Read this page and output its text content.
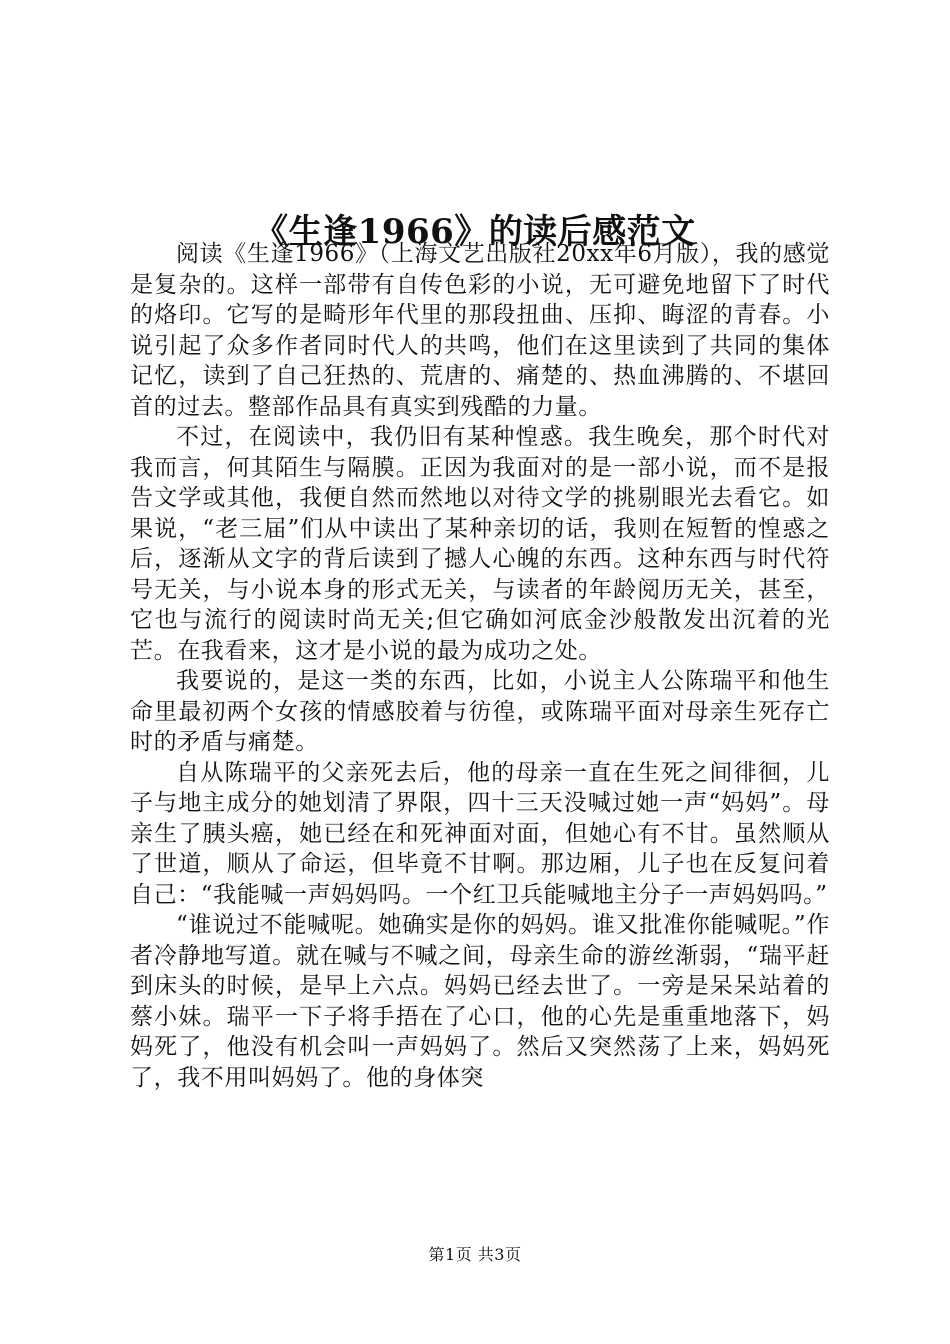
《生逢1966》的读后感范文

阅读《生逢1966》（上海文艺出版社20xx年6月版），我的感觉是复杂的。这样一部带有自传色彩的小说，无可避免地留下了时代的烙印。它写的是畸形年代里的那段扭曲、压抑、晦涩的青春。小说引起了众多作者同时代人的共鸣，他们在这里读到了共同的集体记忆，读到了自己狂热的、荒唐的、痛楚的、热血沸腾的、不堪回首的过去。整部作品具有真实到残酷的力量。

不过，在阅读中，我仍旧有某种惶惑。我生晚矣，那个时代对我而言，何其陌生与隔膜。正因为我面对的是一部小说，而不是报告文学或其他，我便自然而然地以对待文学的挑剔眼光去看它。如果说，“老三届”们从中读出了某种亲切的话，我则在短暂的惶惑之后，逐渐从文字的背后读到了撼人心魄的东西。这种东西与时代符号无关，与小说本身的形式无关，与读者的年龄阅历无关，甚至，它也与流行的阅读时尚无关;但它确如河底金沙般散发出沉着的光芒。在我看来，这才是小说的最为成功之处。

我要说的，是这一类的东西，比如，小说主人公陈瑞平和他生命里最初两个女孩的情感胶着与彷徨，或陈瑞平面对母亲生死存亡时的矛盾与痛楚。

自从陈瑞平的父亲死去后，他的母亲一直在生死之间徘徊，儿子与地主成分的她划清了界限，四十三天没喊过她一声“妈妈”。母亲生了胰头癌，她已经在和死神面对面，但她心有不甘。虽然顺从了世道，顺从了命运，但毕竟不甘啊。那边厢，儿子也在反复问着自己：“我能喊一声妈妈吗。一个红卫兵能喊地主分子一声妈妈吗。”

“谁说过不能喊呢。她确实是你的妈妈。谁又批准你能喊呢。”作者冷静地写道。就在喊与不喊之间，母亲生命的游丝渐弱，“瑞平赶到床头的时候，是早上六点。妈妈已经去世了。一旁是呆呆站着的蔡小妹。瑞平一下子将手捂在了心口，他的心先是重重地落下，妈妈死了，他没有机会叫一声妈妈了。然后又突然荡了上来，妈妈死了，我不用叫妈妈了。他的身体突

第1页 共3页
